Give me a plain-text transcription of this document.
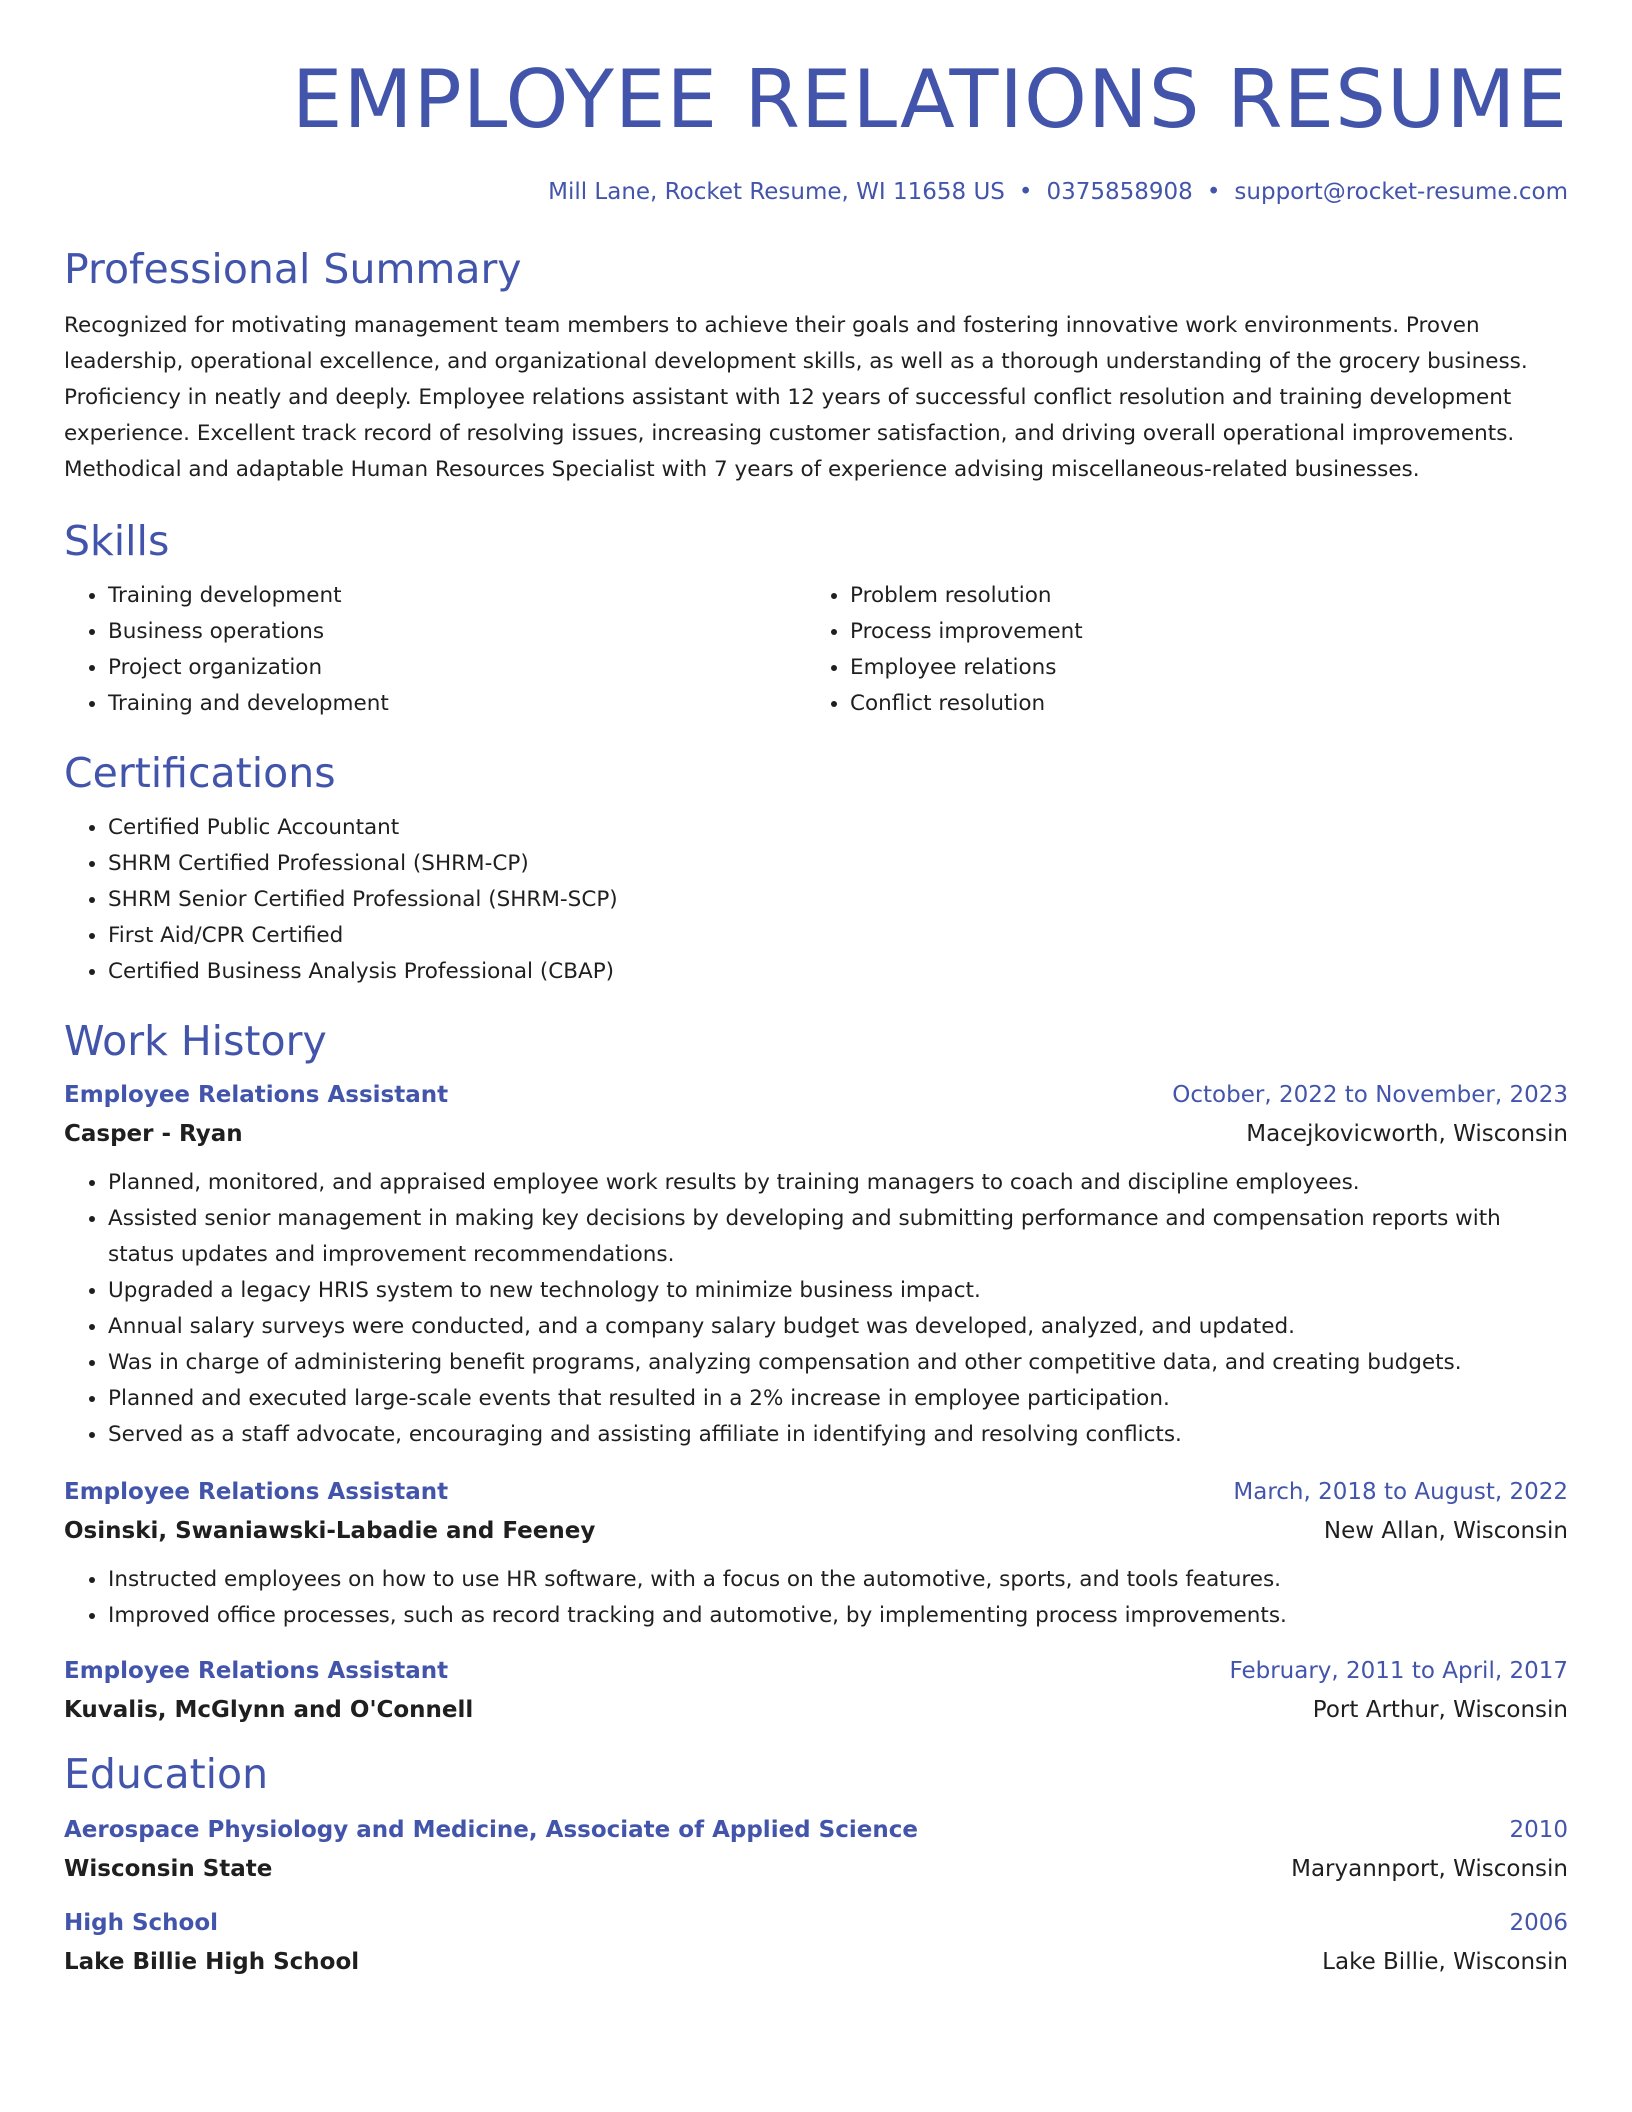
EMPLOYEE RELATIONS RESUME
Mill Lane, Rocket Resume, WI 11658 US • 0375858908 • support@rocket-resume.com
Professional Summary
Recognized for motivating management team members to achieve their goals and fostering innovative work environments. Proven leadership, operational excellence, and organizational development skills, as well as a thorough understanding of the grocery business. Proficiency in neatly and deeply. Employee relations assistant with 12 years of successful conflict resolution and training development experience. Excellent track record of resolving issues, increasing customer satisfaction, and driving overall operational improvements. Methodical and adaptable Human Resources Specialist with 7 years of experience advising miscellaneous-related businesses.
Skills
• Training development
• Business operations
• Project organization
• Training and development
• Problem resolution
• Process improvement
• Employee relations
• Conflict resolution
Certifications
• Certified Public Accountant
• SHRM Certified Professional (SHRM-CP)
• SHRM Senior Certified Professional (SHRM-SCP)
• First Aid/CPR Certified
• Certified Business Analysis Professional (CBAP)
Work History
Employee Relations Assistant	October, 2022 to November, 2023
Casper - Ryan	Macejkovicworth, Wisconsin
• Planned, monitored, and appraised employee work results by training managers to coach and discipline employees.
• Assisted senior management in making key decisions by developing and submitting performance and compensation reports with status updates and improvement recommendations.
• Upgraded a legacy HRIS system to new technology to minimize business impact.
• Annual salary surveys were conducted, and a company salary budget was developed, analyzed, and updated.
• Was in charge of administering benefit programs, analyzing compensation and other competitive data, and creating budgets.
• Planned and executed large-scale events that resulted in a 2% increase in employee participation.
• Served as a staff advocate, encouraging and assisting affiliate in identifying and resolving conflicts.
Employee Relations Assistant	March, 2018 to August, 2022
Osinski, Swaniawski-Labadie and Feeney	New Allan, Wisconsin
• Instructed employees on how to use HR software, with a focus on the automotive, sports, and tools features.
• Improved office processes, such as record tracking and automotive, by implementing process improvements.
Employee Relations Assistant	February, 2011 to April, 2017
Kuvalis, McGlynn and O'Connell	Port Arthur, Wisconsin
Education
Aerospace Physiology and Medicine, Associate of Applied Science	2010
Wisconsin State	Maryannport, Wisconsin
High School	2006
Lake Billie High School	Lake Billie, Wisconsin
